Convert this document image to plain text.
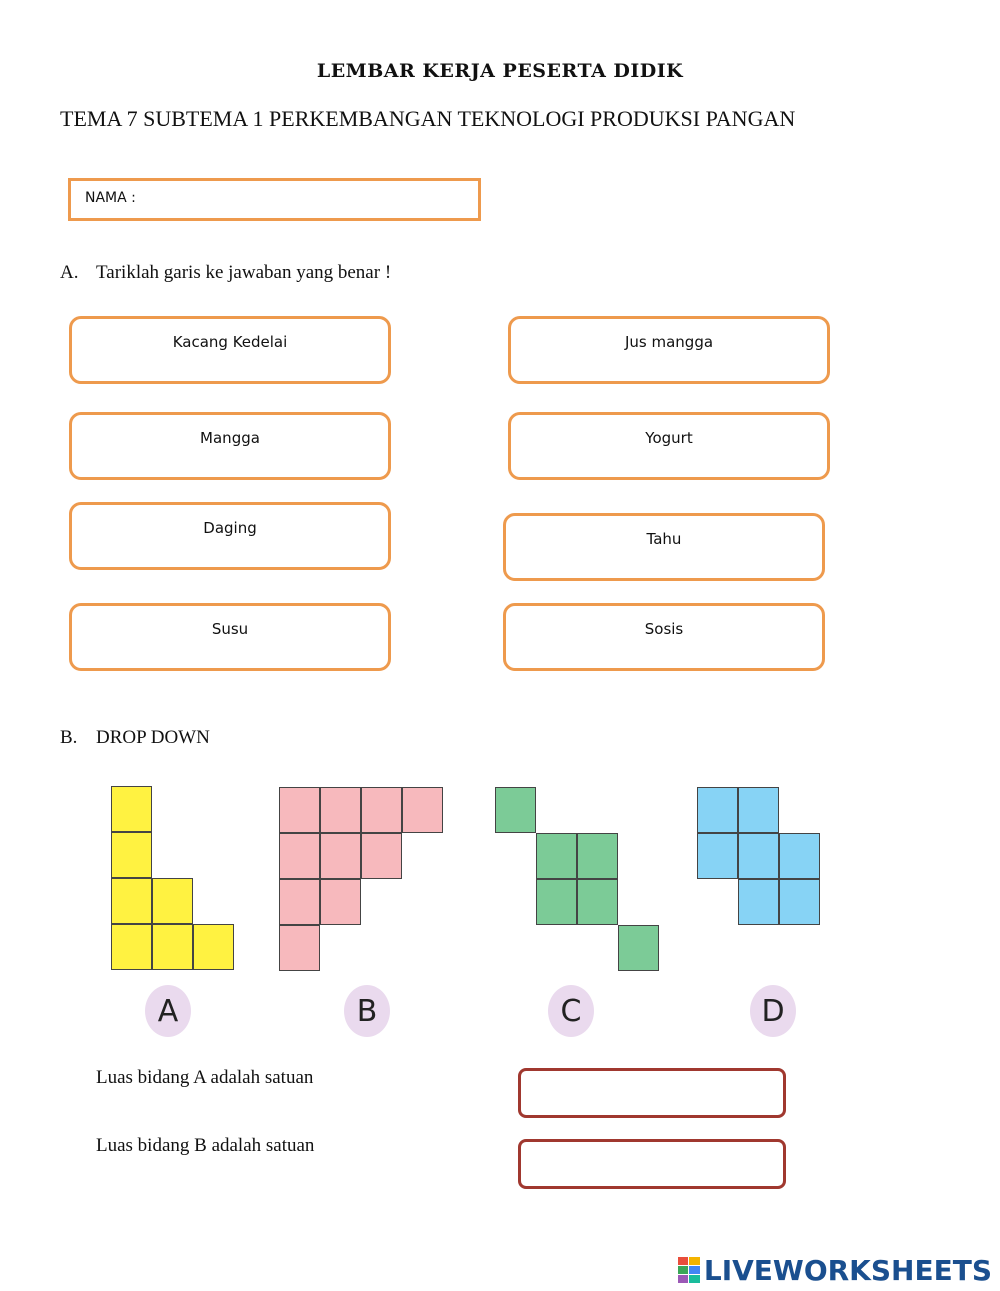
LEMBAR KERJA PESERTA DIDIK
TEMA 7 SUBTEMA 1 PERKEMBANGAN TEKNOLOGI PRODUKSI PANGAN
NAMA :
A. Tariklah garis ke jawaban yang benar !
Kacang Kedelai
Mangga
Daging
Susu
Jus mangga
Yogurt
Tahu
Sosis
B. DROP DOWN
A	B	C	D
Luas bidang A adalah satuan
Luas bidang B adalah satuan
LIVEWORKSHEETS
